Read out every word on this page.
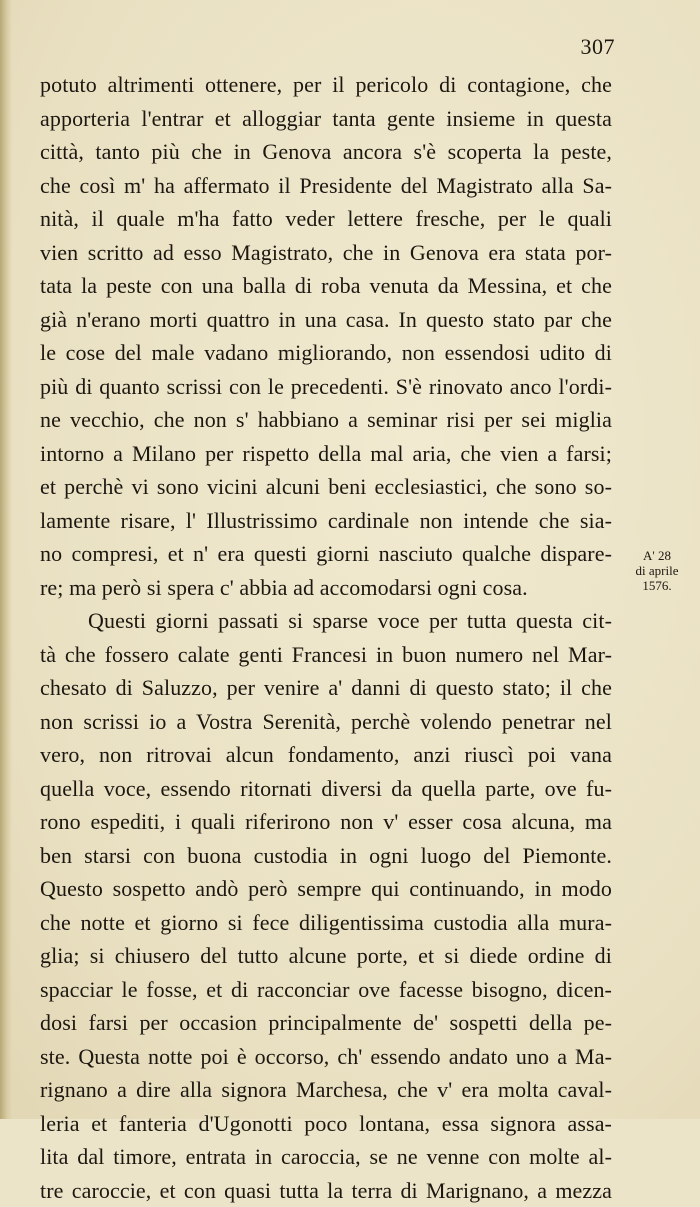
307
potuto altrimenti ottenere, per il pericolo di contagione, che
apporteria l'entrar et alloggiar tanta gente insieme in questa
città, tanto più che in Genova ancora s'è scoperta la peste,
che così m' ha affermato il Presidente del Magistrato alla Sa-
nità, il quale m'ha fatto veder lettere fresche, per le quali
vien scritto ad esso Magistrato, che in Genova era stata por-
tata la peste con una balla di roba venuta da Messina, et che
già n'erano morti quattro in una casa. In questo stato par che
le cose del male vadano migliorando, non essendosi udito di
più di quanto scrissi con le precedenti. S'è rinovato anco l'ordi-
ne vecchio, che non s' habbiano a seminar risi per sei miglia
intorno a Milano per rispetto della mal aria, che vien a farsi;
et perchè vi sono vicini alcuni beni ecclesiastici, che sono so-
lamente risare, l' Illustrissimo cardinale non intende che sia-
no compresi, et n' era questi giorni nasciuto qualche dispare-
re; ma però si spera c' abbia ad accomodarsi ogni cosa.
Questi giorni passati si sparse voce per tutta questa cit-
tà che fossero calate genti Francesi in buon numero nel Mar-
chesato di Saluzzo, per venire a' danni di questo stato; il che
non scrissi io a Vostra Serenità, perchè volendo penetrar nel
vero, non ritrovai alcun fondamento, anzi riuscì poi vana
quella voce, essendo ritornati diversi da quella parte, ove fu-
rono espediti, i quali riferirono non v' esser cosa alcuna, ma
ben starsi con buona custodia in ogni luogo del Piemonte.
Questo sospetto andò però sempre qui continuando, in modo
che notte et giorno si fece diligentissima custodia alla mura-
glia; si chiusero del tutto alcune porte, et si diede ordine di
spacciar le fosse, et di racconciar ove facesse bisogno, dicen-
dosi farsi per occasion principalmente de' sospetti della pe-
ste. Questa notte poi è occorso, ch' essendo andato uno a Ma-
rignano a dire alla signora Marchesa, che v' era molta caval-
leria et fanteria d'Ugonotti poco lontana, essa signora assa-
lita dal timore, entrata in caroccia, se ne venne con molte al-
tre caroccie, et con quasi tutta la terra di Marignano, a mezza
A' 28
di aprile
1576.
